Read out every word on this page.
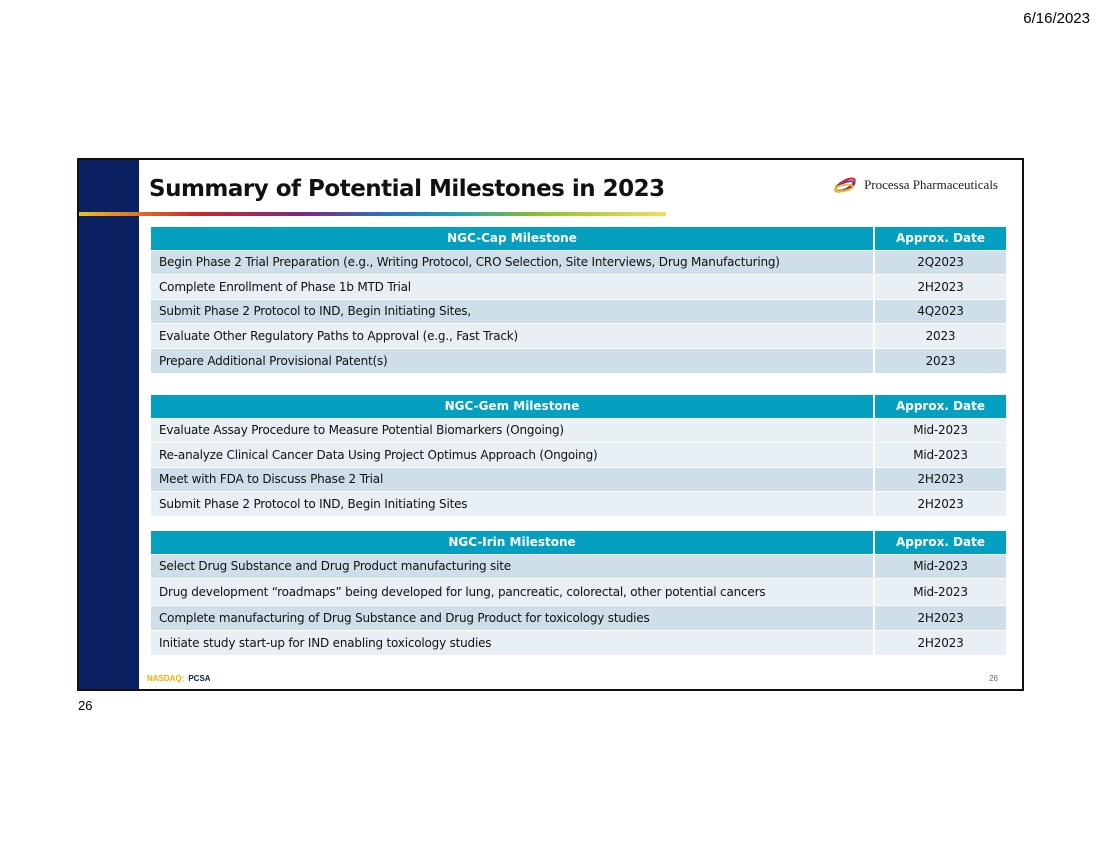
6/16/2023
Summary of Potential Milestones in 2023	Processa Pharmaceuticals
NGC-Cap Milestone	Approx. Date
Begin Phase 2 Trial Preparation (e.g., Writing Protocol, CRO Selection, Site Interviews, Drug Manufacturing)	2Q2023
Complete Enrollment of Phase 1b MTD Trial	2H2023
Submit Phase 2 Protocol to IND, Begin Initiating Sites,	4Q2023
Evaluate Other Regulatory Paths to Approval (e.g., Fast Track)	2023
Prepare Additional Provisional Patent(s)	2023
NGC-Gem Milestone	Approx. Date
Evaluate Assay Procedure to Measure Potential Biomarkers (Ongoing)	Mid-2023
Re-analyze Clinical Cancer Data Using Project Optimus Approach (Ongoing)	Mid-2023
Meet with FDA to Discuss Phase 2 Trial	2H2023
Submit Phase 2 Protocol to IND, Begin Initiating Sites	2H2023
NGC-Irin Milestone	Approx. Date
Select Drug Substance and Drug Product manufacturing site	Mid-2023
Drug development “roadmaps” being developed for lung, pancreatic, colorectal, other potential cancers	Mid-2023
Complete manufacturing of Drug Substance and Drug Product for toxicology studies	2H2023
Initiate study start-up for IND enabling toxicology studies	2H2023
NASDAQ: PCSA	26
26
